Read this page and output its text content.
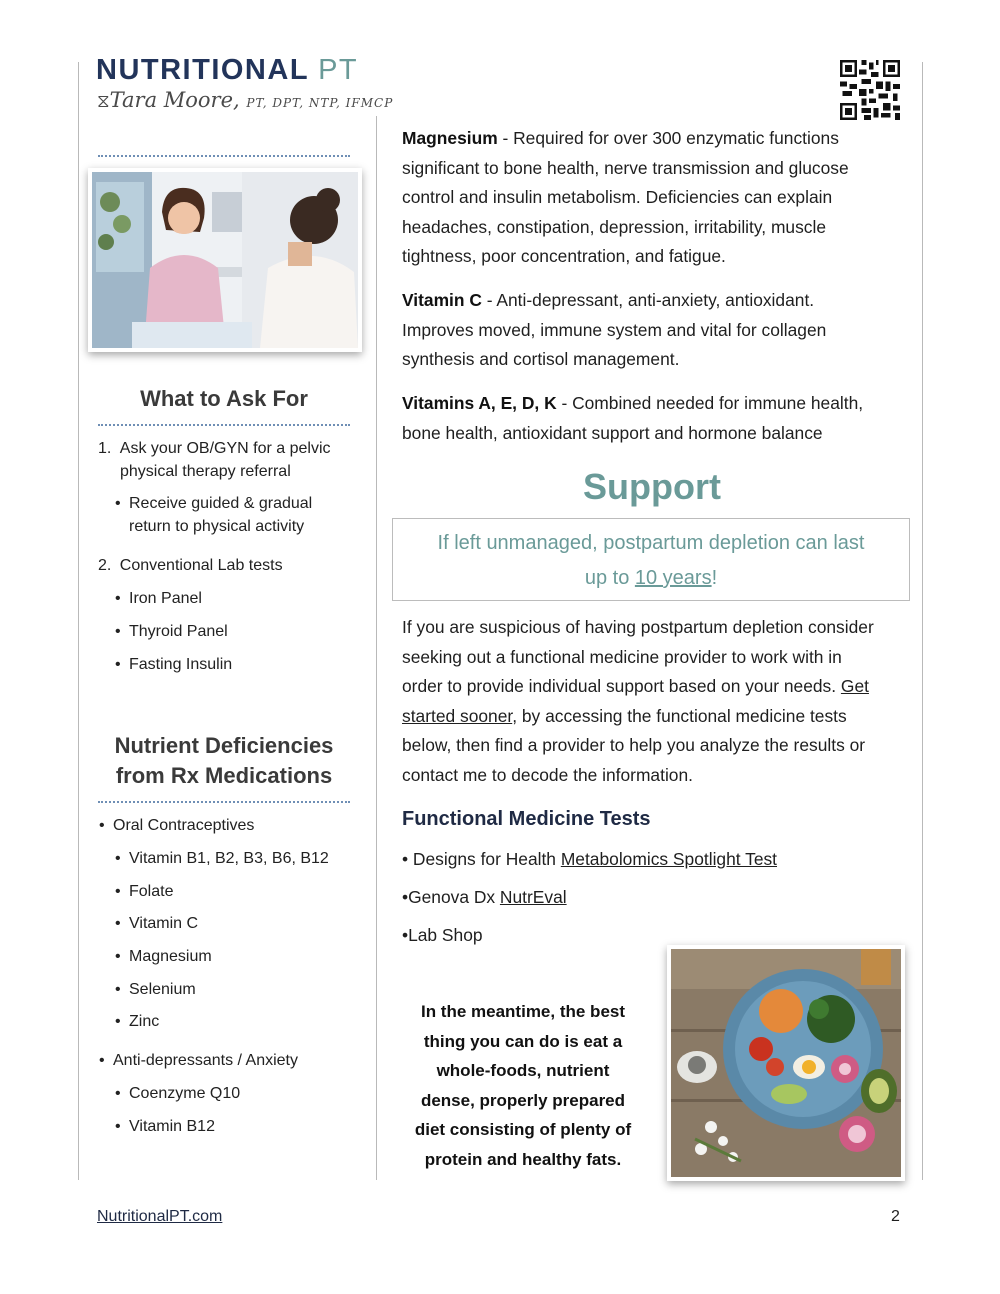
NUTRITIONAL PT
⧖Tara Moore, PT, DPT, NTP, IFMCP
What to Ask For
1. Ask your OB/GYN for a pelvic
physical therapy referral
• Receive guided & gradual
return to physical activity
2. Conventional Lab tests
• Iron Panel
• Thyroid Panel
• Fasting Insulin
Nutrient Deficiencies
from Rx Medications
• Oral Contraceptives
• Vitamin B1, B2, B3, B6, B12
• Folate
• Vitamin C
• Magnesium
• Selenium
• Zinc
• Anti-depressants / Anxiety
• Coenzyme Q10
• Vitamin B12
Magnesium - Required for over 300 enzymatic functions
significant to bone health, nerve transmission and glucose
control and insulin metabolism. Deficiencies can explain
headaches, constipation, depression, irritability, muscle
tightness, poor concentration, and fatigue.
Vitamin C - Anti-depressant, anti-anxiety, antioxidant.
Improves moved, immune system and vital for collagen
synthesis and cortisol management.
Vitamins A, E, D, K - Combined needed for immune health,
bone health, antioxidant support and hormone balance
Support
If left unmanaged, postpartum depletion can last
up to 10 years!
If you are suspicious of having postpartum depletion consider
seeking out a functional medicine provider to work with in
order to provide individual support based on your needs. Get
started sooner, by accessing the functional medicine tests
below, then find a provider to help you analyze the results or
contact me to decode the information.
Functional Medicine Tests
• Designs for Health Metabolomics Spotlight Test
•Genova Dx NutrEval
•Lab Shop
In the meantime, the best
thing you can do is eat a
whole-foods, nutrient
dense, properly prepared
diet consisting of plenty of
protein and healthy fats.
NutritionalPT.com	2
